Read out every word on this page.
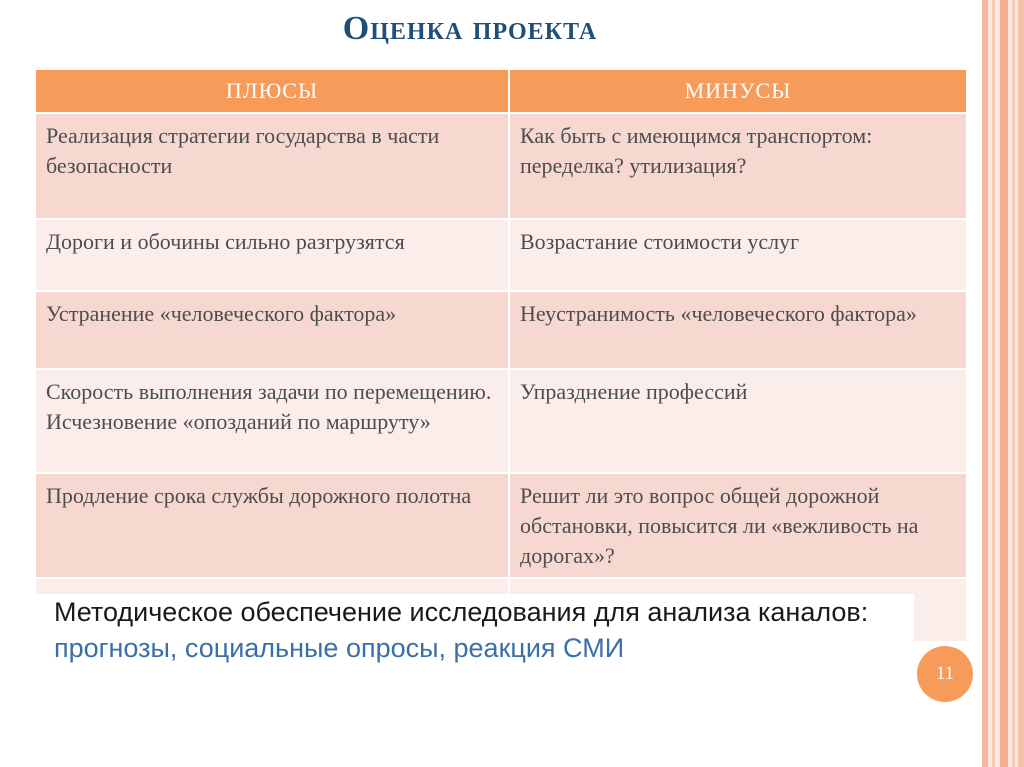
Оценка проекта
ПЛЮСЫ	МИНУСЫ
Реализация стратегии государства в части безопасности	Как быть с имеющимся транспортом: переделка? утилизация?
Дороги и обочины сильно разгрузятся	Возрастание стоимости услуг
Устранение «человеческого фактора»	Неустранимость «человеческого фактора»
Скорость выполнения задачи по перемещению. Исчезновение «опозданий по маршруту»	Упразднение профессий
Продление срока службы дорожного полотна	Решит ли это вопрос общей дорожной обстановки, повысится ли «вежливость на дорогах»?

Методическое обеспечение исследования для анализа каналов: прогнозы, социальные опросы, реакция СМИ

11
